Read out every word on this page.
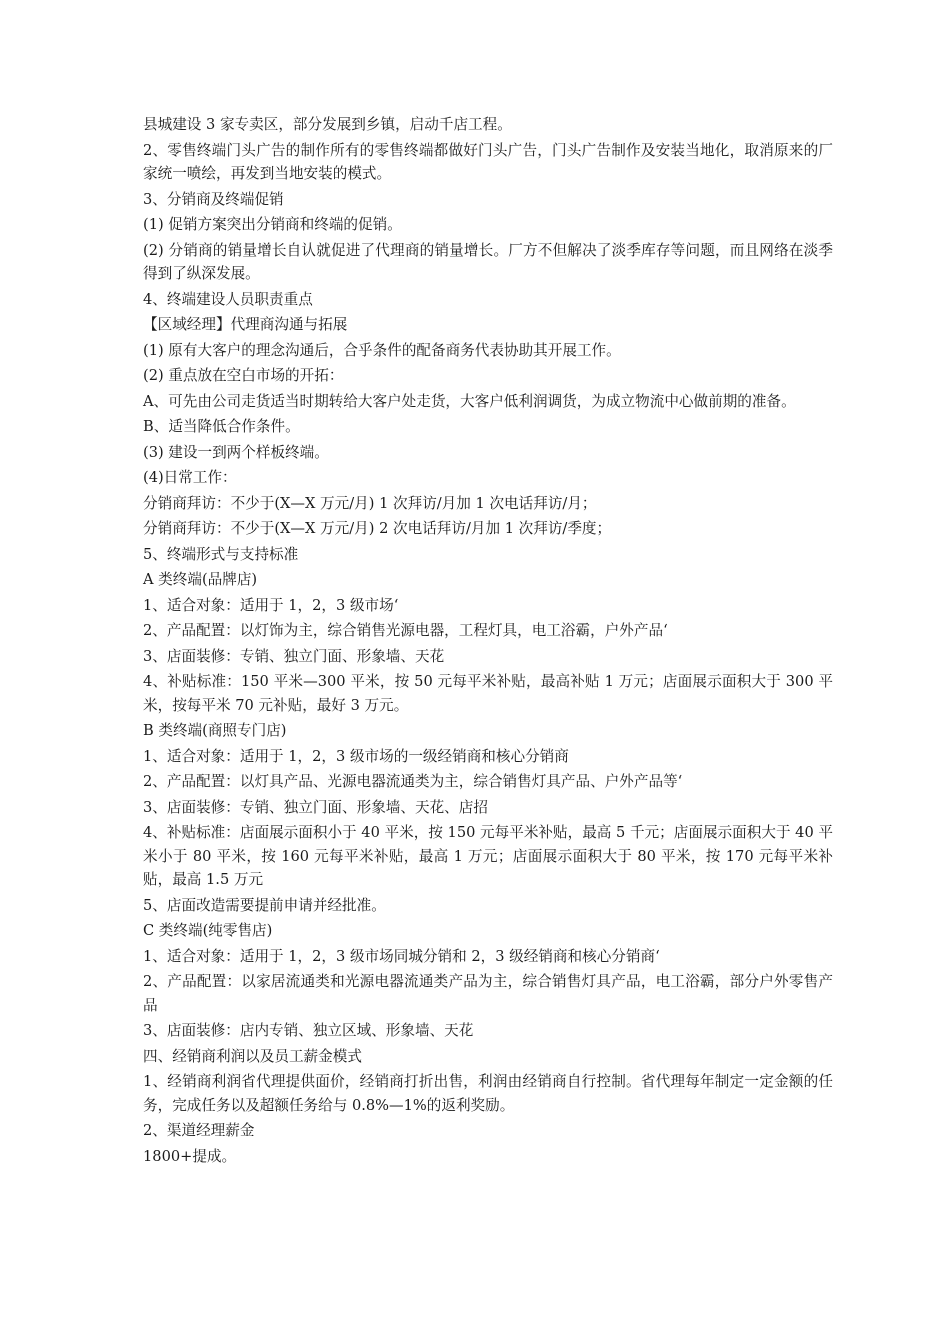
县城建设 3 家专卖区，部分发展到乡镇，启动千店工程。

2、零售终端门头广告的制作所有的零售终端都做好门头广告，门头广告制作及安装当地化，取消原来的厂家统一喷绘，再发到当地安装的模式。

3、分销商及终端促销

(1) 促销方案突出分销商和终端的促销。

(2) 分销商的销量增长自认就促进了代理商的销量增长。厂方不但解决了淡季库存等问题，而且网络在淡季得到了纵深发展。

4、终端建设人员职责重点

【区域经理】代理商沟通与拓展

(1) 原有大客户的理念沟通后，合乎条件的配备商务代表协助其开展工作。

(2) 重点放在空白市场的开拓：

A、可先由公司走货适当时期转给大客户处走货，大客户低利润调货，为成立物流中心做前期的准备。

B、适当降低合作条件。

(3) 建设一到两个样板终端。

(4)日常工作：

分销商拜访：不少于(X—X 万元/月) 1 次拜访/月加 1 次电话拜访/月；

分销商拜访：不少于(X—X 万元/月) 2 次电话拜访/月加 1 次拜访/季度；

5、终端形式与支持标准

A 类终端(品牌店)

1、适合对象：适用于 1，2，3 级市场‘

2、产品配置：以灯饰为主，综合销售光源电器，工程灯具，电工浴霸，户外产品‘

3、店面装修：专销、独立门面、形象墙、天花

4、补贴标准：150 平米—300 平米，按 50 元每平米补贴，最高补贴 1 万元；店面展示面积大于 300 平米，按每平米 70 元补贴，最好 3 万元。

B 类终端(商照专门店)

1、适合对象：适用于 1，2，3 级市场的一级经销商和核心分销商

2、产品配置：以灯具产品、光源电器流通类为主，综合销售灯具产品、户外产品等‘

3、店面装修：专销、独立门面、形象墙、天花、店招

4、补贴标准：店面展示面积小于 40 平米，按 150 元每平米补贴，最高 5 千元；店面展示面积大于 40 平米小于 80 平米，按 160 元每平米补贴，最高 1 万元；店面展示面积大于 80 平米，按 170 元每平米补贴，最高 1.5 万元

5、店面改造需要提前申请并经批准。

C 类终端(纯零售店)

1、适合对象：适用于 1，2，3 级市场同城分销和 2，3 级经销商和核心分销商‘

2、产品配置：以家居流通类和光源电器流通类产品为主，综合销售灯具产品，电工浴霸，部分户外零售产品

3、店面装修：店内专销、独立区域、形象墙、天花

四、经销商利润以及员工薪金模式

1、经销商利润省代理提供面价，经销商打折出售，利润由经销商自行控制。省代理每年制定一定金额的任务，完成任务以及超额任务给与 0.8%—1%的返利奖励。

2、渠道经理薪金

1800+提成。
